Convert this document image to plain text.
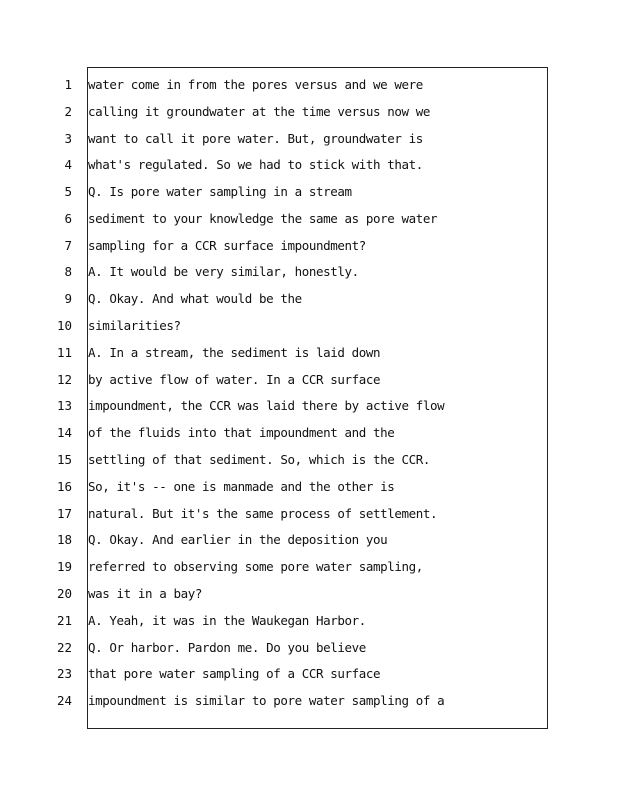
1 water come in from the pores versus and we were
2 calling it groundwater at the time versus now we
3 want to call it pore water. But, groundwater is
4 what's regulated. So we had to stick with that.
5 Q. Is pore water sampling in a stream
6 sediment to your knowledge the same as pore water
7 sampling for a CCR surface impoundment?
8 A. It would be very similar, honestly.
9 Q. Okay. And what would be the
10 similarities?
11 A. In a stream, the sediment is laid down
12 by active flow of water. In a CCR surface
13 impoundment, the CCR was laid there by active flow
14 of the fluids into that impoundment and the
15 settling of that sediment. So, which is the CCR.
16 So, it's -- one is manmade and the other is
17 natural. But it's the same process of settlement.
18 Q. Okay. And earlier in the deposition you
19 referred to observing some pore water sampling,
20 was it in a bay?
21 A. Yeah, it was in the Waukegan Harbor.
22 Q. Or harbor. Pardon me. Do you believe
23 that pore water sampling of a CCR surface
24 impoundment is similar to pore water sampling of a
